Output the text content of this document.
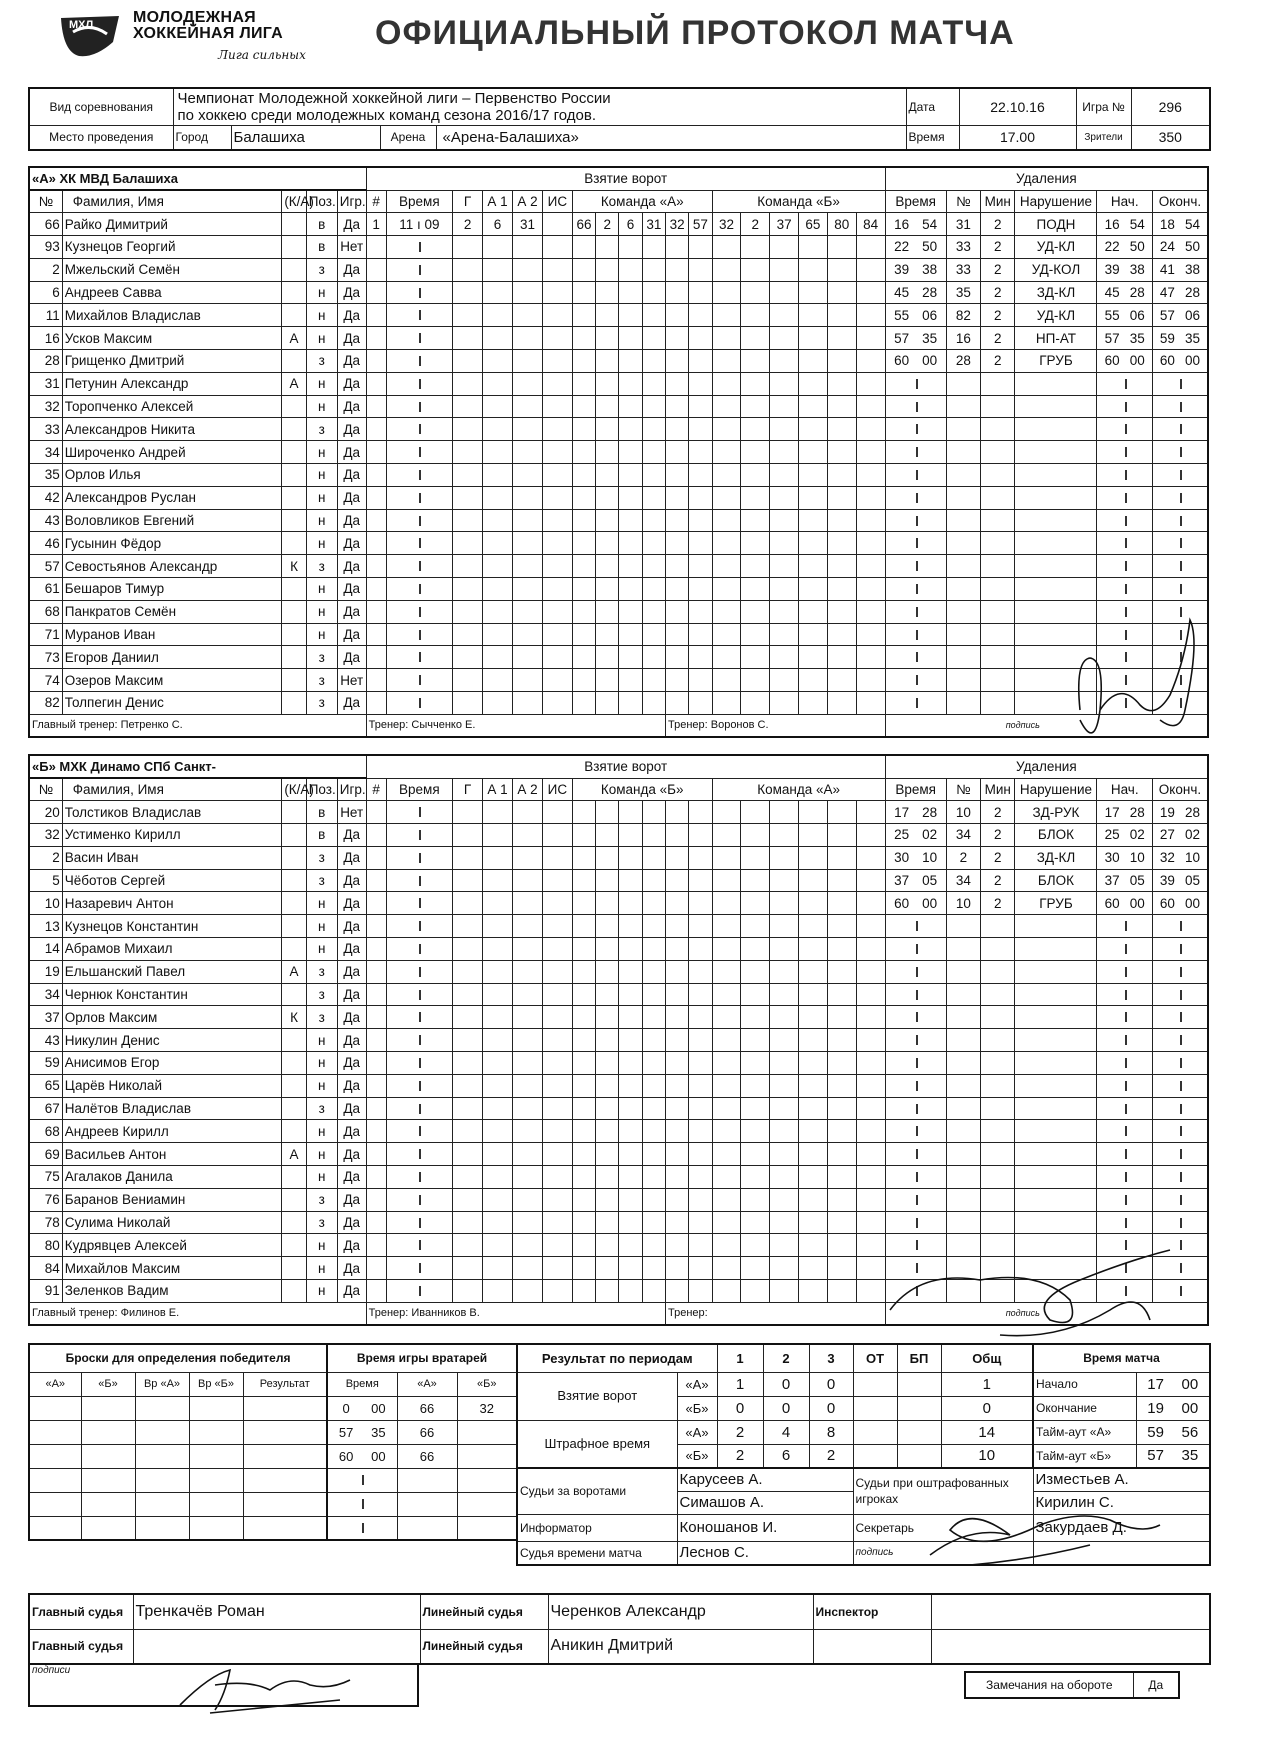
МХЛ МОЛОДЕЖНАЯ ХОККЕЙНАЯ ЛИГА
Лига сильных
ОФИЦИАЛЬНЫЙ ПРОТОКОЛ МАТЧА
Вид соревнования	Чемпионат Молодежной хоккейной лиги – Первенство России
по хоккею среди молодежных команд сезона 2016/17 годов.				Дата	22.10.16	Игра №	296
Место проведения	Город	Балашиха	Арена	«Арена-Балашиха»	Время	17.00	Зрители	350
«А» ХК МВД Балашиха					Взятие ворот																		Удаления					
№	Фамилия, Имя	(К/А)	Поз.	Игр.	#	Время	Г	А 1	А 2	ИС	Команда «А»						Команда «Б»						Время	№	Мин	Нарушение	Нач.	Оконч.
66	Райко Димитрий		в	Да	1	11 ı 09	2	6	31		66	2	6	31	32	57	32	2	37	65	80	84	16 54	31	2	ПОДН	16 54	18 54
93	Кузнецов Георгий		в	Нет																			22 50	33	2	УД-КЛ	22 50	24 50
2	Мжельский Семён		з	Да																			39 38	33	2	УД-КОЛ	39 38	41 38
6	Андреев Савва		н	Да																			45 28	35	2	ЗД-КЛ	45 28	47 28
11	Михайлов Владислав		н	Да																			55 06	82	2	УД-КЛ	55 06	57 06
16	Усков Максим	А	н	Да																			57 35	16	2	НП-АТ	57 35	59 35
28	Грищенко Дмитрий		з	Да																			60 00	28	2	ГРУБ	60 00	60 00
31	Петунин Александр	А	н	Да																								
32	Торопченко Алексей		н	Да																								
33	Александров Никита		з	Да																								
34	Широченко Андрей		н	Да																								
35	Орлов Илья		н	Да																								
42	Александров Руслан		н	Да																								
43	Воловликов Евгений		н	Да																								
46	Гусынин Фёдор		н	Да																								
57	Севостьянов Александр	К	з	Да																								
61	Бешаров Тимур		н	Да																								
68	Панкратов Семён		н	Да																								
71	Муранов Иван		н	Да																								
73	Егоров Даниил		з	Да																								
74	Озеров Максим		з	Нет																								
82	Толпегин Денис		з	Да																								
Главный тренер: Петренко С.					Тренер: Сычченко Е.										Тренер: Воронов С.								подпись					
«Б» МХК Динамо СПб Санкт-					Взятие ворот																		Удаления					
№	Фамилия, Имя	(К/А)	Поз.	Игр.	#	Время	Г	А 1	А 2	ИС	Команда «Б»						Команда «А»						Время	№	Мин	Нарушение	Нач.	Оконч.
20	Толстиков Владислав		в	Нет																			17 28	10	2	ЗД-РУК	17 28	19 28
32	Устименко Кирилл		в	Да																			25 02	34	2	БЛОК	25 02	27 02
2	Васин Иван		з	Да																			30 10	2	2	ЗД-КЛ	30 10	32 10
5	Чёботов Сергей		з	Да																			37 05	34	2	БЛОК	37 05	39 05
10	Назаревич Антон		н	Да																			60 00	10	2	ГРУБ	60 00	60 00
13	Кузнецов Константин		н	Да																								
14	Абрамов Михаил		н	Да																								
19	Ельшанский Павел	А	з	Да																								
34	Чернюк Константин		з	Да																								
37	Орлов Максим	К	з	Да																								
43	Никулин Денис		н	Да																								
59	Анисимов Егор		н	Да																								
65	Царёв Николай		н	Да																								
67	Налётов Владислав		з	Да																								
68	Андреев Кирилл		н	Да																								
69	Васильев Антон	А	н	Да																								
75	Агалаков Данила		н	Да																								
76	Баранов Вениамин		з	Да																								
78	Сулима Николай		з	Да																								
80	Кудрявцев Алексей		н	Да																								
84	Михайлов Максим		н	Да																								
91	Зеленков Вадим		н	Да																								
Главный тренер: Филинов Е.					Тренер: Иванников В.										Тренер:								подпись					
Броски для определения победителя				
«А»	«Б»	Вр «А»	Вр «Б»	Результат

Время игры вратарей		
Время	«А»	«Б»
0 00	66	32
57 35	66	
60 00	66	

Результат по периодам		1	2	3	ОТ	БП	Общ
Взятие ворот	«А»	1	0	0			1
	«Б»	0	0	0			0
Штрафное время	«А»	2	4	8			14
	«Б»	2	6	2			10
Время матча	
Начало	17 00
Окончание	19 00
Тайм-аут «А»	59 56
Тайм-аут «Б»	57 35
Судьи за воротами	Карусеев А.	Судьи при оштрафованных игроках	Изместьев А.
	Симашов А.		Кирилин С.
Информатор	Коношанов И.	Секретарь	Закурдаев Д.
Судья времени матча	Леснов С.	подпись	
Главный судья	Тренкачёв Роман	Линейный судья	Черенков Александр	Инспектор	
Главный судья		Линейный судья	Аникин Дмитрий		
подписи
Замечания на обороте	Да
